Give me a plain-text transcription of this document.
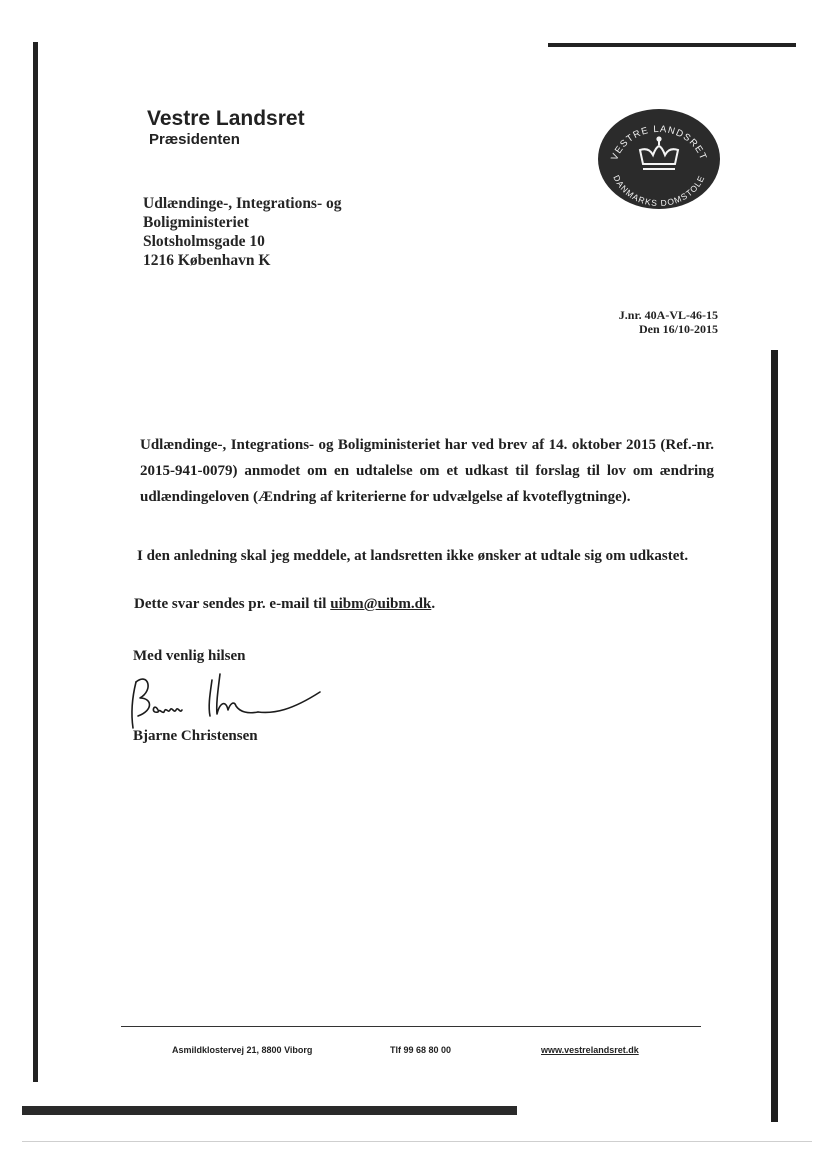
Vestre Landsret
Præsidenten
VESTRE LANDSRET
DANMARKS DOMSTOLE
Udlændinge-, Integrations- og
Boligministeriet
Slotsholmsgade 10
1216 København K
J.nr. 40A-VL-46-15
Den 16/10-2015
Udlændinge-, Integrations- og Boligministeriet har ved brev af 14. oktober 2015 (Ref.-nr. 2015-941-0079) anmodet om en udtalelse om et udkast til forslag til lov om ændring udlændingeloven (Ændring af kriterierne for udvælgelse af kvoteflygtninge).
I den anledning skal jeg meddele, at landsretten ikke ønsker at udtale sig om udkastet.
Dette svar sendes pr. e-mail til uibm@uibm.dk.
Med venlig hilsen
Bjarne Christensen
Asmildklostervej 21, 8800 Viborg	Tlf 99 68 80 00	www.vestrelandsret.dk
